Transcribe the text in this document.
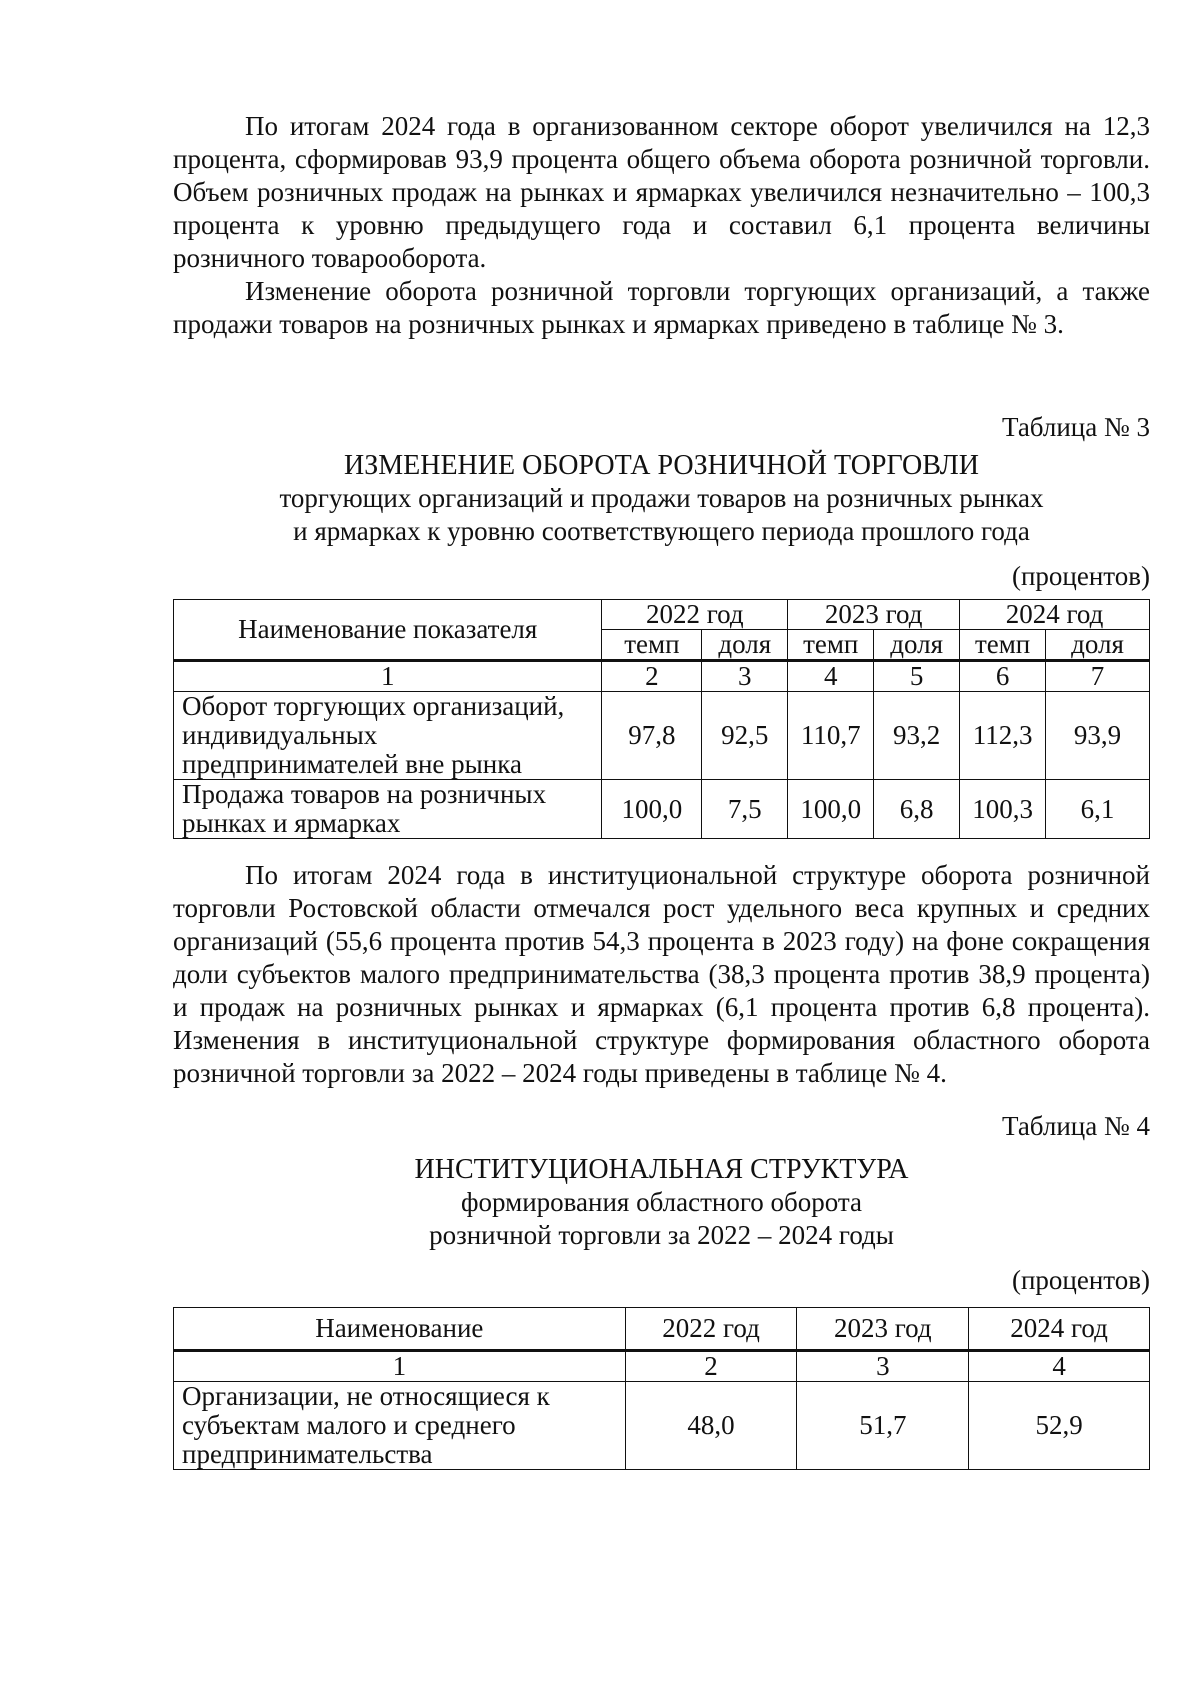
По итогам 2024 года в организованном секторе оборот увеличился на 12,3 процента, сформировав 93,9 процента общего объема оборота розничной торговли. Объем розничных продаж на рынках и ярмарках увеличился незначительно – 100,3 процента к уровню предыдущего года и составил 6,1 процента величины розничного товарооборота.

Изменение оборота розничной торговли торгующих организаций, а также продажи товаров на розничных рынках и ярмарках приведено в таблице № 3.

Таблица № 3

ИЗМЕНЕНИЕ ОБОРОТА РОЗНИЧНОЙ ТОРГОВЛИ

торгующих организаций и продажи товаров на розничных рынках

и ярмарках к уровню соответствующего периода прошлого года

(процентов)

Наименование показателя	2022 год		2023 год		2024 год	
	темп	доля	темп	доля	темп	доля
1	2	3	4	5	6	7
Оборот торгующих организаций, индивидуальных предпринимателей вне рынка	97,8	92,5	110,7	93,2	112,3	93,9
Продажа товаров на розничных рынках и ярмарках	100,0	7,5	100,0	6,8	100,3	6,1

По итогам 2024 года в институциональной структуре оборота розничной торговли Ростовской области отмечался рост удельного веса крупных и средних организаций (55,6 процента против 54,3 процента в 2023 году) на фоне сокращения доли субъектов малого предпринимательства (38,3 процента против 38,9 процента) и продаж на розничных рынках и ярмарках (6,1 процента против 6,8 процента). Изменения в институциональной структуре формирования областного оборота розничной торговли за 2022 – 2024 годы приведены в таблице № 4.

Таблица № 4

ИНСТИТУЦИОНАЛЬНАЯ СТРУКТУРА

формирования областного оборота

розничной торговли за 2022 – 2024 годы

(процентов)

Наименование	2022 год	2023 год	2024 год
1	2	3	4
Организации, не относящиеся к субъектам малого и среднего предпринимательства	48,0	51,7	52,9
